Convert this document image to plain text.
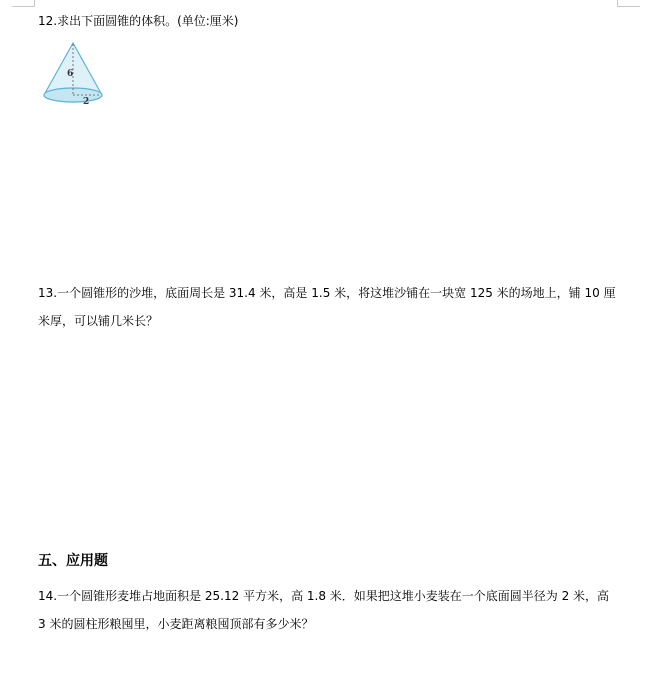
12.求出下面圆锥的体积。(单位:厘米)
6
2
13.一个圆锥形的沙堆，底面周长是 31.4 米，高是 1.5 米，将这堆沙铺在一块宽 125 米的场地上，铺 10 厘
米厚，可以铺几米长？
五、应用题
14.一个圆锥形麦堆占地面积是 25.12 平方米，高 1.8 米．如果把这堆小麦装在一个底面圆半径为 2 米，高
3 米的圆柱形粮囤里，小麦距离粮囤顶部有多少米？
